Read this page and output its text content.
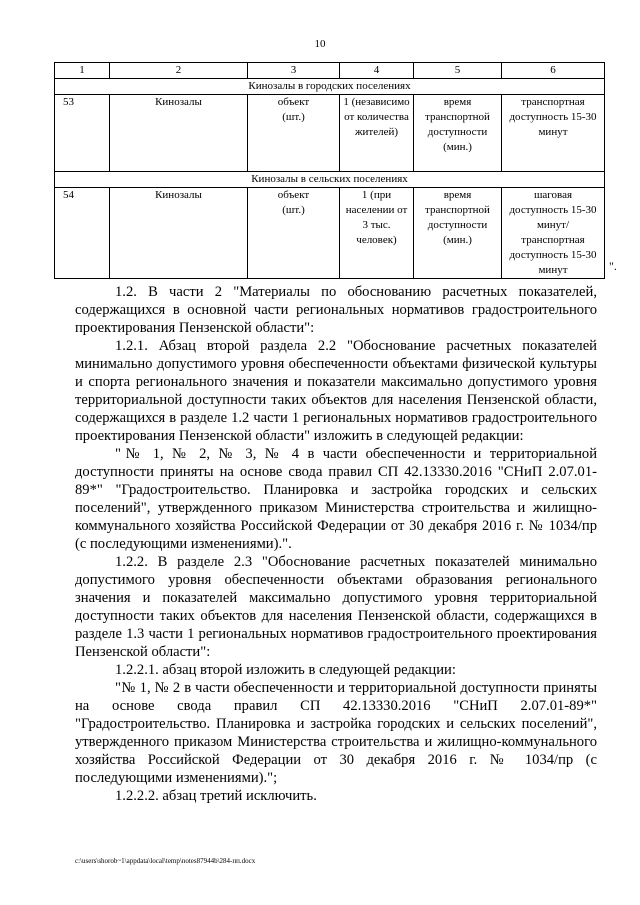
10
1	2	3	4	5	6
Кинозалы в городских поселениях					
53	Кинозалы	объект (шт.)	1 (независимо от количества жителей)	время транспортной доступности (мин.)	транспортная доступность 15-30 минут
Кинозалы в сельских поселениях					
54	Кинозалы	объект (шт.)	1 (при населении от 3 тыс. человек)	время транспортной доступности (мин.)	шаговая доступность 15-30 минут/ транспортная доступность 15-30 минут	".

1.2. В части 2 "Материалы по обоснованию расчетных показателей, содержащихся в основной части региональных нормативов градостроительного проектирования Пензенской области":

1.2.1. Абзац второй раздела 2.2 "Обоснование расчетных показателей минимально допустимого уровня обеспеченности объектами физической культуры и спорта регионального значения и показатели максимально допустимого уровня территориальной доступности таких объектов для населения Пензенской области, содержащихся в разделе 1.2 части 1 региональных нормативов градостроительного проектирования Пензенской области" изложить в следующей редакции:

"№ 1, № 2, № 3, № 4 в части обеспеченности и территориальной доступности приняты на основе свода правил СП 42.13330.2016 "СНиП 2.07.01-89*" "Градостроительство. Планировка и застройка городских и сельских поселений", утвержденного приказом Министерства строительства и жилищно-коммунального хозяйства Российской Федерации от 30 декабря 2016 г. № 1034/пр (с последующими изменениями).".

1.2.2. В разделе 2.3 "Обоснование расчетных показателей минимально допустимого уровня обеспеченности объектами образования регионального значения и показателей максимально допустимого уровня территориальной доступности таких объектов для населения Пензенской области, содержащихся в разделе 1.3 части 1 региональных нормативов градостроительного проектирования Пензенской области":

1.2.2.1. абзац второй изложить в следующей редакции:

"№ 1, № 2 в части обеспеченности и территориальной доступности приняты на основе свода правил СП 42.13330.2016 "СНиП 2.07.01-89*" "Градостроительство. Планировка и застройка городских и сельских поселений", утвержденного приказом Министерства строительства и жилищно-коммунального хозяйства Российской Федерации от 30 декабря 2016 г. № 1034/пр (с последующими изменениями).";

1.2.2.2. абзац третий исключить.

c:\users\shorob~1\appdata\local\temp\notes87944b\284-пп.docx
